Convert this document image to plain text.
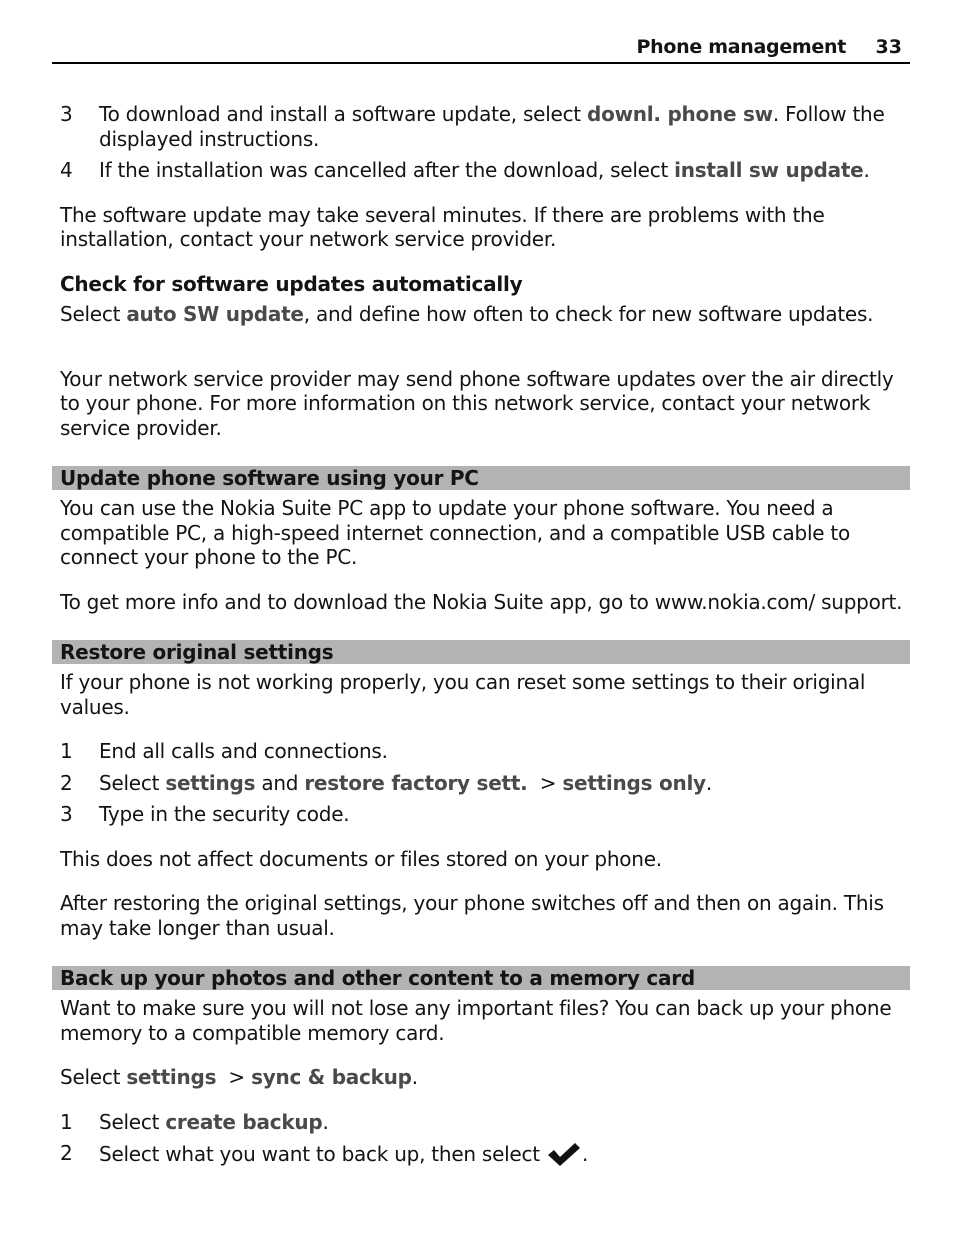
Phone management 33
3 To download and install a software update, select downl. phone sw. Follow the displayed instructions.
4 If the installation was cancelled after the download, select install sw update.

The software update may take several minutes. If there are problems with the installation, contact your network service provider.

Check for software updates automatically

Select auto SW update, and define how often to check for new software updates.

Your network service provider may send phone software updates over the air directly to your phone. For more information on this network service, contact your network service provider.

Update phone software using your PC

You can use the Nokia Suite PC app to update your phone software. You need a compatible PC, a high-speed internet connection, and a compatible USB cable to connect your phone to the PC.

To get more info and to download the Nokia Suite app, go to www.nokia.com/ support.

Restore original settings

If your phone is not working properly, you can reset some settings to their original values.

1 End all calls and connections.
2 Select settings and restore factory sett.  > settings only.
3 Type in the security code.

This does not affect documents or files stored on your phone.

After restoring the original settings, your phone switches off and then on again. This may take longer than usual.

Back up your photos and other content to a memory card

Want to make sure you will not lose any important files? You can back up your phone memory to a compatible memory card.

Select settings  > sync & backup.

1 Select create backup.
2 Select what you want to back up, then select .
